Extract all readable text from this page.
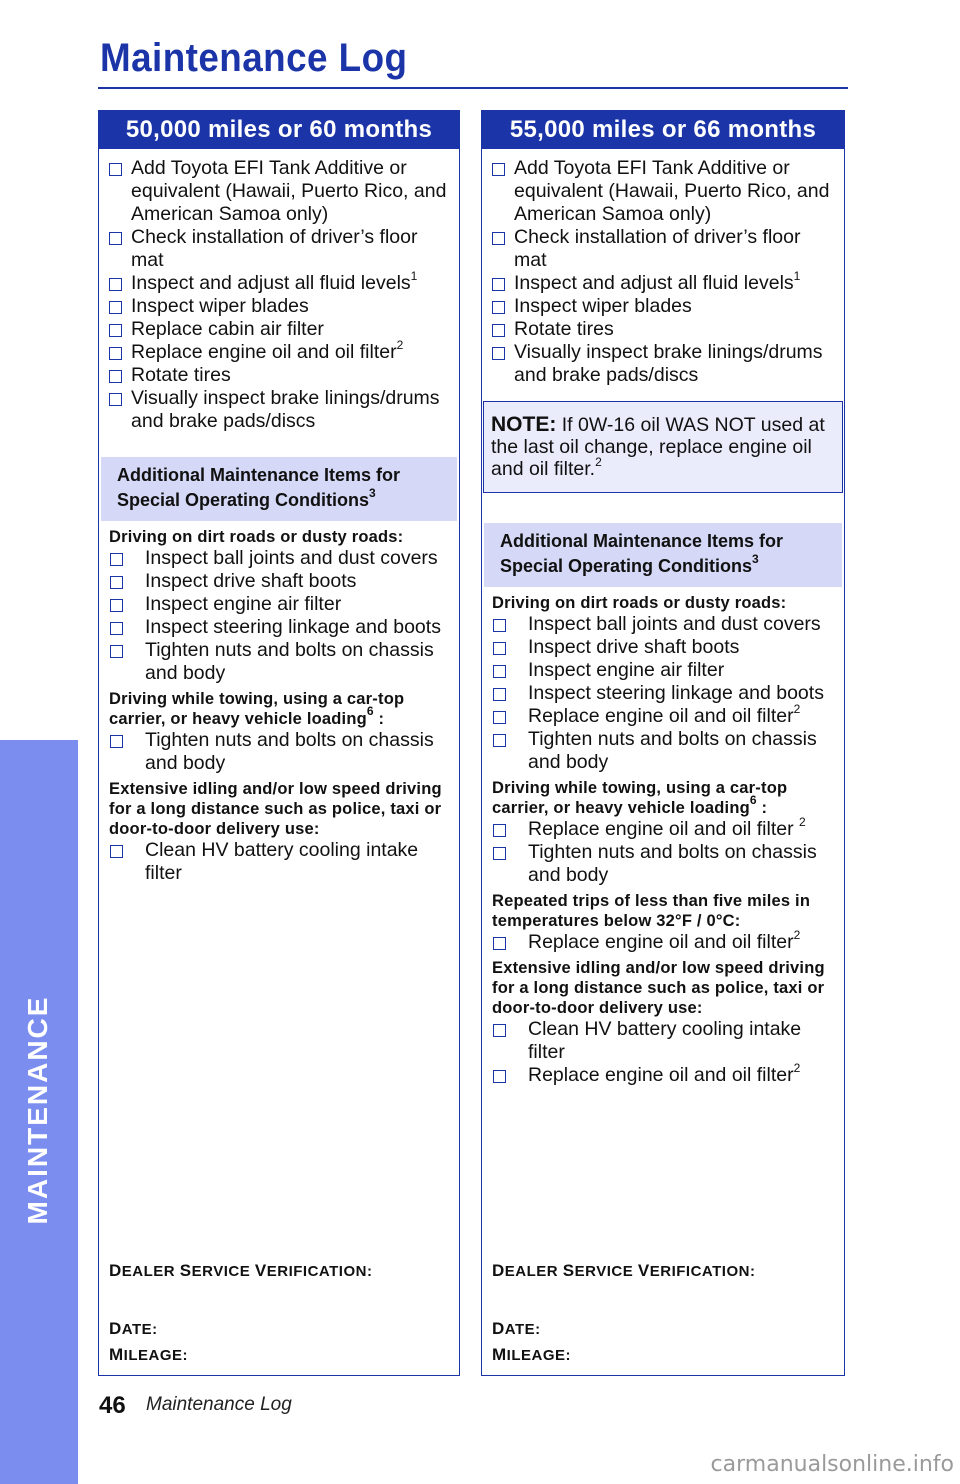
Maintenance Log
MAINTENANCE
50,000 miles or 60 months
Add Toyota EFI Tank Additive or equivalent (Hawaii, Puerto Rico, and American Samoa only)
Check installation of driver’s floor mat
Inspect and adjust all fluid levels$^1$
Inspect wiper blades
Replace cabin air filter
Replace engine oil and oil filter$^2$
Rotate tires
Visually inspect brake linings/drums and brake pads/discs
Additional Maintenance Items for Special Operating Conditions$^3$
Driving on dirt roads or dusty roads:
Inspect ball joints and dust covers
Inspect drive shaft boots
Inspect engine air filter
Inspect steering linkage and boots
Tighten nuts and bolts on chassis and body
Driving while towing, using a car-top carrier, or heavy vehicle loading$^6$ :
Tighten nuts and bolts on chassis and body
Extensive idling and/or low speed driving for a long distance such as police, taxi or door-to-door delivery use:
Clean HV battery cooling intake filter
DEALER SERVICE VERIFICATION:
DATE:
MILEAGE:
55,000 miles or 66 months
Add Toyota EFI Tank Additive or equivalent (Hawaii, Puerto Rico, and American Samoa only)
Check installation of driver’s floor mat
Inspect and adjust all fluid levels$^1$
Inspect wiper blades
Rotate tires
Visually inspect brake linings/drums and brake pads/discs
NOTE: If 0W-16 oil WAS NOT used at the last oil change, replace engine oil and oil filter.$^2$
Additional Maintenance Items for Special Operating Conditions$^3$
Driving on dirt roads or dusty roads:
Inspect ball joints and dust covers
Inspect drive shaft boots
Inspect engine air filter
Inspect steering linkage and boots
Replace engine oil and oil filter$^2$
Tighten nuts and bolts on chassis and body
Driving while towing, using a car-top carrier, or heavy vehicle loading$^6$ :
Replace engine oil and oil filter $^2$
Tighten nuts and bolts on chassis and body
Repeated trips of less than five miles in temperatures below 32°F / 0°C:
Replace engine oil and oil filter$^2$
Extensive idling and/or low speed driving for a long distance such as police, taxi or door-to-door delivery use:
Clean HV battery cooling intake filter
Replace engine oil and oil filter$^2$
DEALER SERVICE VERIFICATION:
DATE:
MILEAGE:
46 Maintenance Log
carmanualsonline.info
